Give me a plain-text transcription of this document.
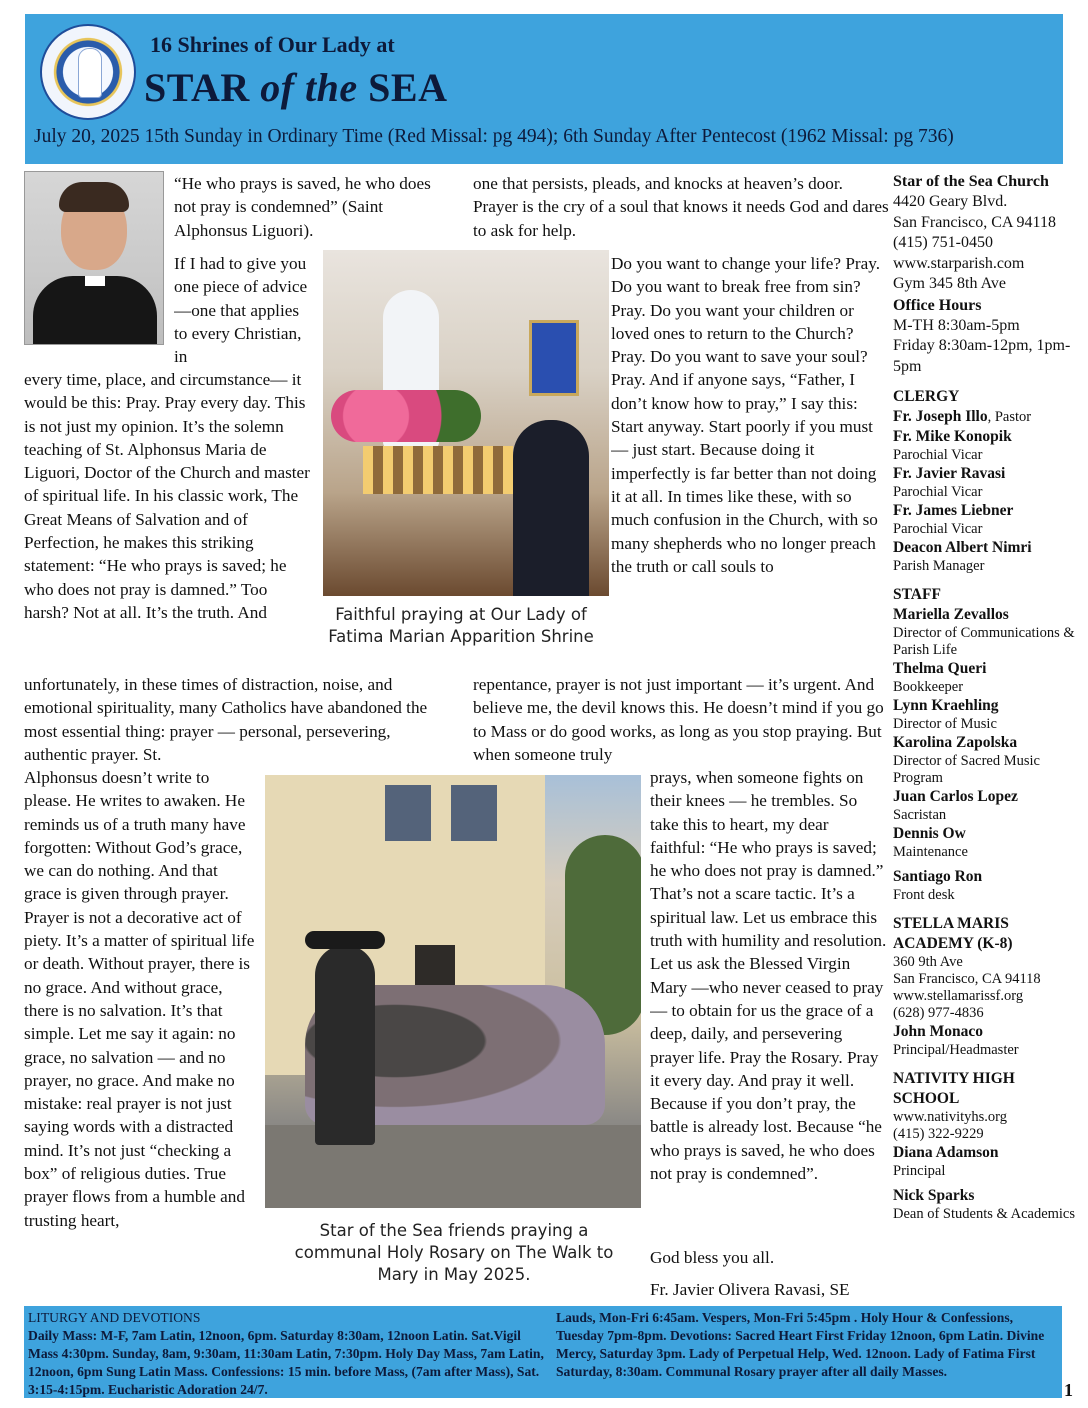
16 Shrines of Our Lady at
STAR of the SEA
July 20, 2025 15th Sunday in Ordinary Time (Red Missal: pg 494); 6th Sunday After Pentecost (1962 Missal: pg 736)
“He who prays is saved, he who does not pray is condemned” (Saint Alphonsus Liguori).

If I had to give you one piece of advice —one that applies to every Christian, in

every time, place, and circumstance— it would be this: Pray. Pray every day. This is not just my opinion. It’s the solemn teaching of St. Alphonsus Maria de Liguori, Doctor of the Church and master of spiritual life. In his classic work, The Great Means of Salvation and of Perfection, he makes this striking statement: “He who prays is saved; he who does not pray is damned.” Too harsh? Not at all. It’s the truth. And

unfortunately, in these times of distraction, noise, and emotional spirituality, many Catholics have abandoned the most essential thing: prayer — personal, persevering, authentic prayer. St.
Alphonsus doesn’t write to please. He writes to awaken. He reminds us of a truth many have forgotten: Without God’s grace, we can do nothing. And that grace is given through prayer. Prayer is not a decorative act of piety. It’s a matter of spiritual life or death. Without prayer, there is no grace. And without grace, there is no salvation. It’s that simple. Let me say it again: no grace, no salvation — and no prayer, no grace. And make no mistake: real prayer is not just saying words with a distracted mind. It’s not just “checking a box” of religious duties. True prayer flows from a humble and trusting heart,
one that persists, pleads, and knocks at heaven’s door. Prayer is the cry of a soul that knows it needs God and dares to ask for help.
Faithful praying at Our Lady of
Fatima Marian Apparition Shrine
Do you want to change your life? Pray. Do you want to break free from sin? Pray. Do you want your children or loved ones to return to the Church? Pray. Do you want to save your soul? Pray. And if anyone says, “Father, I don’t know how to pray,” I say this: Start anyway. Start poorly if you must — just start. Because doing it imperfectly is far better than not doing it at all. In times like these, with so much confusion in the Church, with so many shepherds who no longer preach the truth or call souls to
repentance, prayer is not just important — it’s urgent. And believe me, the devil knows this. He doesn’t mind if you go to Mass or do good works, as long as you stop praying. But when someone truly
Star of the Sea friends praying a
communal Holy Rosary on The Walk to
Mary in May 2025.
prays, when someone fights on their knees — he trembles. So take this to heart, my dear faithful: “He who prays is saved; he who does not pray is damned.” That’s not a scare tactic. It’s a spiritual law. Let us embrace this truth with humility and resolution. Let us ask the Blessed Virgin Mary —who never ceased to pray— to obtain for us the grace of a deep, daily, and persevering prayer life. Pray the Rosary. Pray it every day. And pray it well. Because if you don’t pray, the battle is already lost. Because “he who prays is saved, he who does not pray is condemned”.
God bless you all.
Fr. Javier Olivera Ravasi, SE
Star of the Sea Church
4420 Geary Blvd.
San Francisco, CA 94118
(415) 751-0450
www.starparish.com
Gym 345 8th Ave
Office Hours
M-TH 8:30am-5pm
Friday 8:30am-12pm, 1pm-5pm
CLERGY
Fr. Joseph Illo, Pastor
Fr. Mike Konopik
Parochial Vicar
Fr. Javier Ravasi
Parochial Vicar
Fr. James Liebner
Parochial Vicar
Deacon Albert Nimri
Parish Manager
STAFF
Mariella Zevallos
Director of Communications & Parish Life
Thelma Queri
Bookkeeper
Lynn Kraehling
Director of Music
Karolina Zapolska
Director of Sacred Music Program
Juan Carlos Lopez
Sacristan
Dennis Ow
Maintenance
Santiago Ron
Front desk
STELLA MARIS ACADEMY (K-8)
360 9th Ave
San Francisco, CA 94118
www.stellamarissf.org
(628) 977-4836
John Monaco
Principal/Headmaster
NATIVITY HIGH SCHOOL
www.nativityhs.org
(415) 322-9229
Diana Adamson
Principal
Nick Sparks
Dean of Students & Academics
LITURGY AND DEVOTIONS
Daily Mass: M-F, 7am Latin, 12noon, 6pm. Saturday 8:30am, 12noon Latin. Sat.Vigil Mass 4:30pm. Sunday, 8am, 9:30am, 11:30am Latin, 7:30pm. Holy Day Mass, 7am Latin, 12noon, 6pm Sung Latin Mass. Confessions: 15 min. before Mass, (7am after Mass), Sat. 3:15-4:15pm. Eucharistic Adoration 24/7.
Lauds, Mon-Fri 6:45am. Vespers, Mon-Fri 5:45pm . Holy Hour & Confessions, Tuesday 7pm-8pm. Devotions: Sacred Heart First Friday 12noon, 6pm Latin. Divine Mercy, Saturday 3pm. Lady of Perpetual Help, Wed. 12noon. Lady of Fatima First Saturday, 8:30am. Communal Rosary prayer after all daily Masses.
1
